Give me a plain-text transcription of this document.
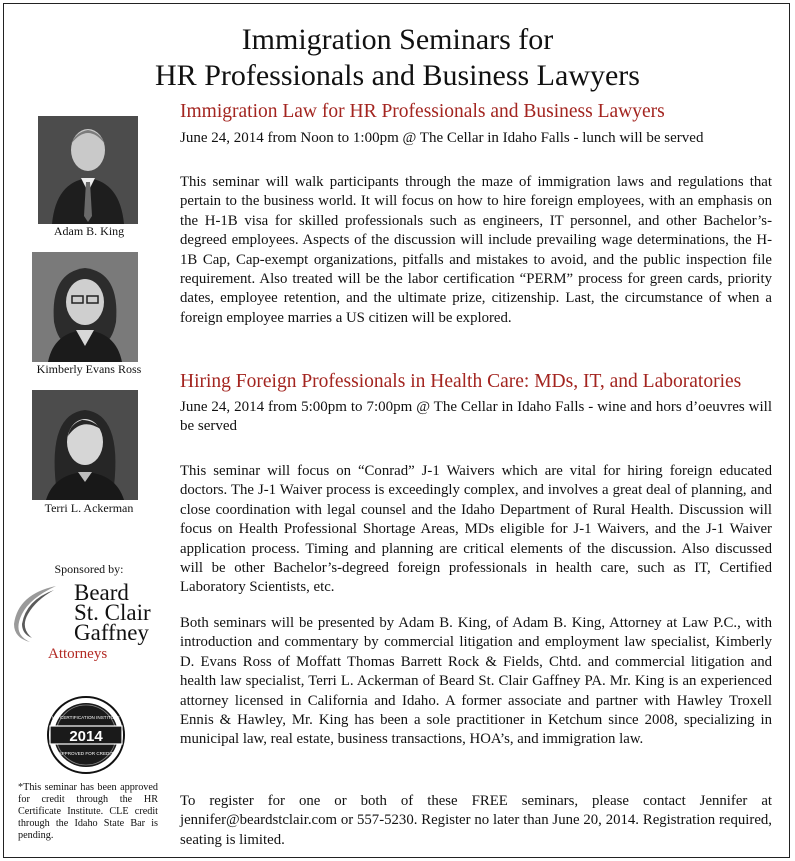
Immigration Seminars for
HR Professionals and Business Lawyers
Adam B. King
Kimberly Evans Ross
Terri L. Ackerman
Sponsored by:
Beard
St. Clair
Gaffney
Attorneys
2014
HR CERTIFICATION INSTITUTE
APPROVED FOR CREDIT
*This seminar has been approved for credit through the HR Certificate Institute. CLE credit through the Idaho State Bar is pending.
Immigration Law for HR Professionals and Business Lawyers
June 24, 2014 from Noon to 1:00pm @ The Cellar in Idaho Falls - lunch will be served
This seminar will walk participants through the maze of immigration laws and regulations that pertain to the business world. It will focus on how to hire foreign employees, with an emphasis on the H-1B visa for skilled professionals such as engineers, IT personnel, and other Bachelor’s-degreed employees. Aspects of the discussion will include prevailing wage determinations, the H-1B Cap, Cap-exempt organizations, pitfalls and mistakes to avoid, and the public inspection file requirement. Also treated will be the labor certification “PERM” process for green cards, priority dates, employee retention, and the ultimate prize, citizenship. Last, the circumstance of when a foreign employee marries a US citizen will be explored.
Hiring Foreign Professionals in Health Care: MDs, IT, and Laboratories
June 24, 2014 from 5:00pm to 7:00pm @ The Cellar in Idaho Falls - wine and hors d’oeuvres will be served
This seminar will focus on “Conrad” J-1 Waivers which are vital for hiring foreign educated doctors. The J-1 Waiver process is exceedingly complex, and involves a great deal of planning, and close coordination with legal counsel and the Idaho Department of Rural Health. Discussion will focus on Health Professional Shortage Areas, MDs eligible for J-1 Waivers, and the J-1 Waiver application process. Timing and planning are critical elements of the discussion. Also discussed will be other Bachelor’s-degreed foreign professionals in health care, such as IT, Certified Laboratory Scientists, etc.
Both seminars will be presented by Adam B. King, of Adam B. King, Attorney at Law P.C., with introduction and commentary by commercial litigation and employment law specialist, Kimberly D. Evans Ross of Moffatt Thomas Barrett Rock & Fields, Chtd. and commercial litigation and health law specialist, Terri L. Ackerman of Beard St. Clair Gaffney PA. Mr. King is an experienced attorney licensed in California and Idaho. A former associate and partner with Hawley Troxell Ennis & Hawley, Mr. King has been a sole practitioner in Ketchum since 2008, specializing in municipal law, real estate, business transactions, HOA’s, and immigration law.
To register for one or both of these FREE seminars, please contact Jennifer at jennifer@beardstclair.com or 557-5230. Register no later than June 20, 2014. Registration required, seating is limited.
